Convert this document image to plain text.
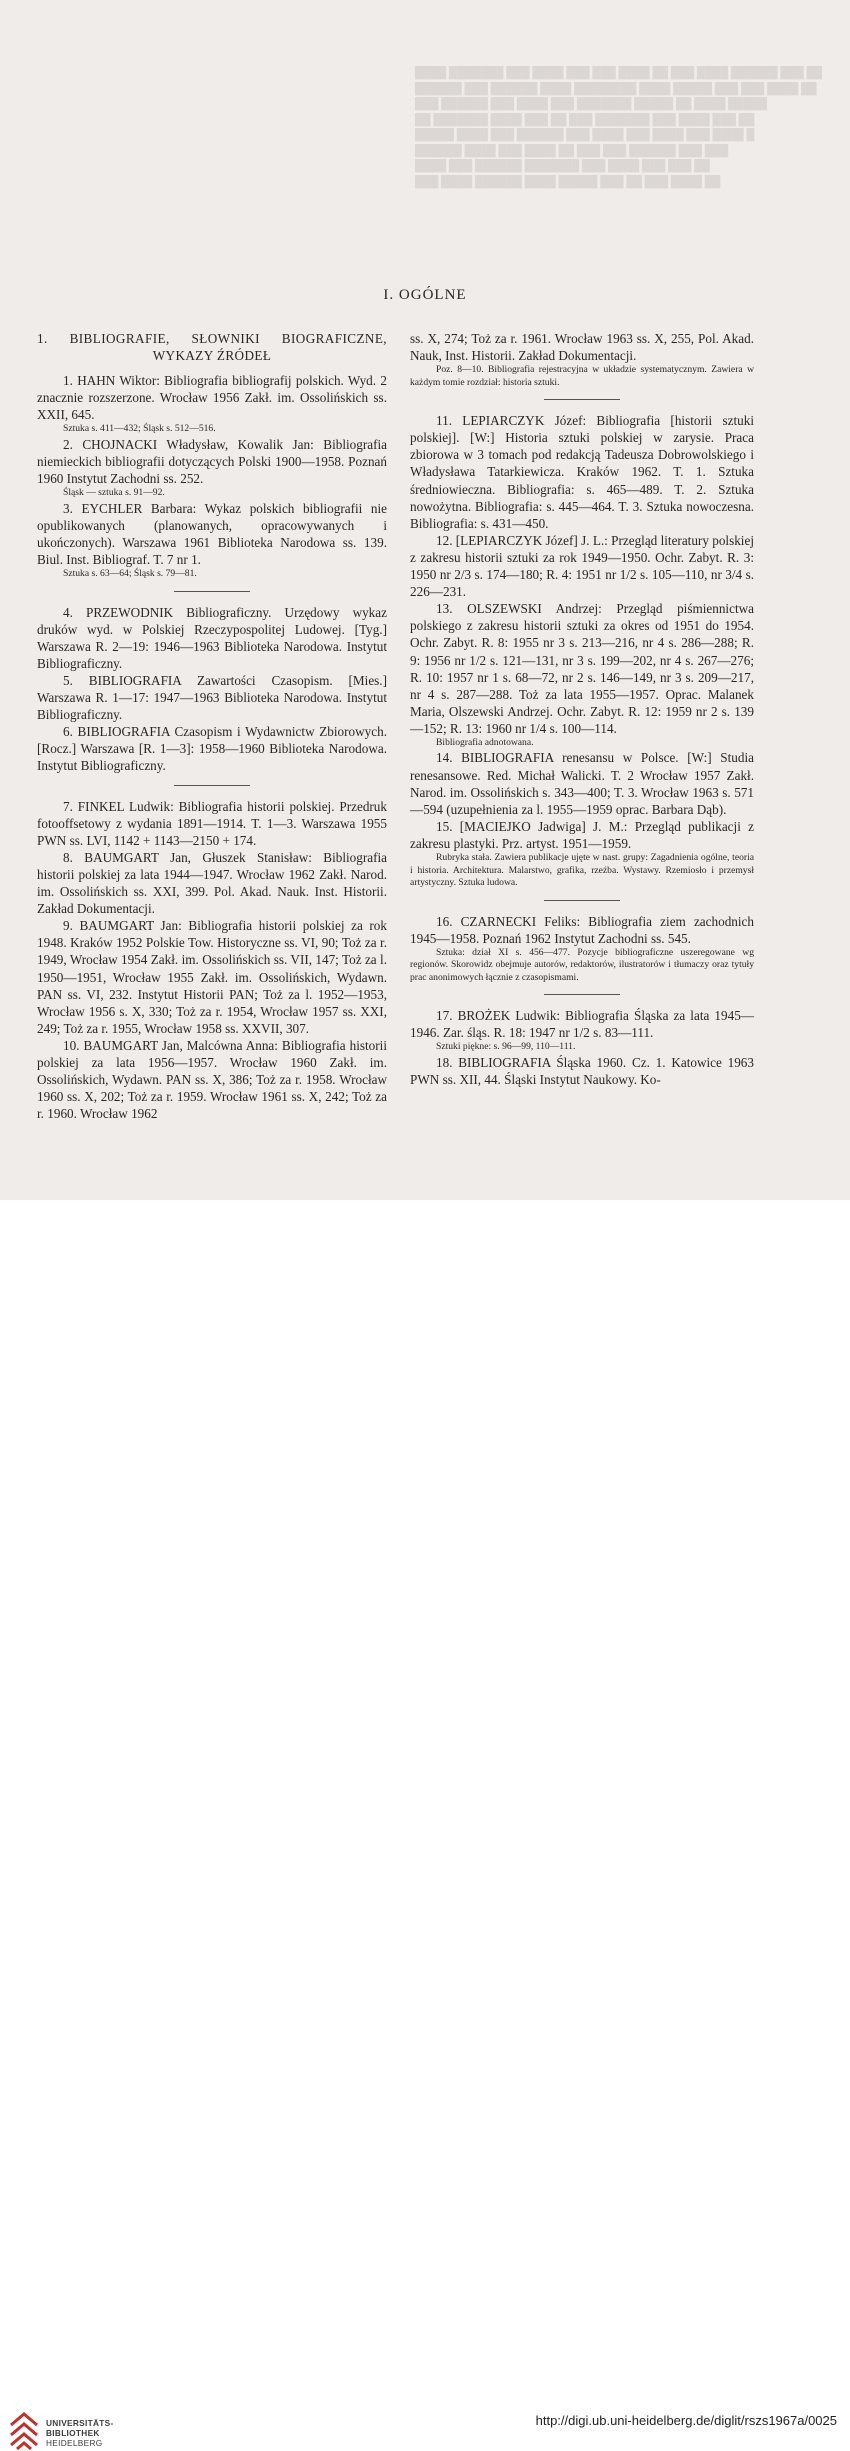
████ ███████ ███ ████ ███ ███ ████ ██ ███ ████ ██████ ███ ██
██████ ███ ██████ ████ ████████ ████ █████ ███ ███ ████ ██
███ ██████ ███ ████ ███ ███████ █████ ██ ████ █████
██ ███████ ████ ███ ██ ███ ███████ ███ ████ ███ ██
█████ ████ ███ ██████ ███ ████ ███ ████ ███ ████ █
██████ ████ ███ ████ ██ ███ ███ ██████ ███ ███
████ ███ ██████ ███████ ███ ████ ███ ███ ██
███ ████ ██████ ████ █████ ███ ██ ███ ████ ██
I. OGÓLNE
1. BIBLIOGRAFIE, SŁOWNIKI BIOGRAFICZNE,
WYKAZY ŹRÓDEŁ

1. HAHN Wiktor: Bibliografia bibliografij polskich. Wyd. 2 znacznie rozszerzone. Wrocław 1956 Zakł. im. Ossolińskich ss. XXII, 645.

Sztuka s. 411—432; Śląsk s. 512—516.

2. CHOJNACKI Władysław, Kowalik Jan: Bibliografia niemieckich bibliografii dotyczących Polski 1900—1958. Poznań 1960 Instytut Zachodni ss. 252.

Śląsk — sztuka s. 91—92.

3. EYCHLER Barbara: Wykaz polskich bibliografii nie opublikowanych (planowanych, opracowywanych i ukończonych). Warszawa 1961 Biblioteka Narodowa ss. 139. Biul. Inst. Bibliograf. T. 7 nr 1.

Sztuka s. 63—64; Śląsk s. 79—81.

4. PRZEWODNIK Bibliograficzny. Urzędowy wykaz druków wyd. w Polskiej Rzeczypospolitej Ludowej. [Tyg.] Warszawa R. 2—19: 1946—1963 Biblioteka Narodowa. Instytut Bibliograficzny.

5. BIBLIOGRAFIA Zawartości Czasopism. [Mies.] Warszawa R. 1—17: 1947—1963 Biblioteka Narodowa. Instytut Bibliograficzny.

6. BIBLIOGRAFIA Czasopism i Wydawnictw Zbiorowych. [Rocz.] Warszawa [R. 1—3]: 1958—1960 Biblioteka Narodowa. Instytut Bibliograficzny.

7. FINKEL Ludwik: Bibliografia historii polskiej. Przedruk fotooffsetowy z wydania 1891—1914. T. 1—3. Warszawa 1955 PWN ss. LVI, 1142 + 1143—2150 + 174.

8. BAUMGART Jan, Głuszek Stanisław: Bibliografia historii polskiej za lata 1944—1947. Wrocław 1962 Zakł. Narod. im. Ossolińskich ss. XXI, 399. Pol. Akad. Nauk. Inst. Historii. Zakład Dokumentacji.

9. BAUMGART Jan: Bibliografia historii polskiej za rok 1948. Kraków 1952 Polskie Tow. Historyczne ss. VI, 90; Toż za r. 1949, Wrocław 1954 Zakł. im. Ossolińskich ss. VII, 147; Toż za l. 1950—1951, Wrocław 1955 Zakł. im. Ossolińskich, Wydawn. PAN ss. VI, 232. Instytut Historii PAN; Toż za l. 1952—1953, Wrocław 1956 s. X, 330; Toż za r. 1954, Wrocław 1957 ss. XXI, 249; Toż za r. 1955, Wrocław 1958 ss. XXVII, 307.

10. BAUMGART Jan, Malcówna Anna: Bibliografia historii polskiej za lata 1956—1957. Wrocław 1960 Zakł. im. Ossolińskich, Wydawn. PAN ss. X, 386; Toż za r. 1958. Wrocław 1960 ss. X, 202; Toż za r. 1959. Wrocław 1961 ss. X, 242; Toż za r. 1960. Wrocław 1962

ss. X, 274; Toż za r. 1961. Wrocław 1963 ss. X, 255, Pol. Akad. Nauk, Inst. Historii. Zakład Dokumentacji.

Poz. 8—10. Bibliografia rejestracyjna w układzie systematycznym. Zawiera w każdym tomie rozdział: historia sztuki.

11. LEPIARCZYK Józef: Bibliografia [historii sztuki polskiej]. [W:] Historia sztuki polskiej w zarysie. Praca zbiorowa w 3 tomach pod redakcją Tadeusza Dobrowolskiego i Władysława Tatarkiewicza. Kraków 1962. T. 1. Sztuka średniowieczna. Bibliografia: s. 465—489. T. 2. Sztuka nowożytna. Bibliografia: s. 445—464. T. 3. Sztuka nowoczesna. Bibliografia: s. 431—450.

12. [LEPIARCZYK Józef] J. L.: Przegląd literatury polskiej z zakresu historii sztuki za rok 1949—1950. Ochr. Zabyt. R. 3: 1950 nr 2/3 s. 174—180; R. 4: 1951 nr 1/2 s. 105—110, nr 3/4 s. 226—231.

13. OLSZEWSKI Andrzej: Przegląd piśmiennictwa polskiego z zakresu historii sztuki za okres od 1951 do 1954. Ochr. Zabyt. R. 8: 1955 nr 3 s. 213—216, nr 4 s. 286—288; R. 9: 1956 nr 1/2 s. 121—131, nr 3 s. 199—202, nr 4 s. 267—276; R. 10: 1957 nr 1 s. 68—72, nr 2 s. 146—149, nr 3 s. 209—217, nr 4 s. 287—288. Toż za lata 1955—1957. Oprac. Malanek Maria, Olszewski Andrzej. Ochr. Zabyt. R. 12: 1959 nr 2 s. 139—152; R. 13: 1960 nr 1/4 s. 100—114.

Bibliografia adnotowana.

14. BIBLIOGRAFIA renesansu w Polsce. [W:] Studia renesansowe. Red. Michał Walicki. T. 2 Wrocław 1957 Zakł. Narod. im. Ossolińskich s. 343—400; T. 3. Wrocław 1963 s. 571—594 (uzupełnienia za l. 1955—1959 oprac. Barbara Dąb).

15. [MACIEJKO Jadwiga] J. M.: Przegląd publikacji z zakresu plastyki. Prz. artyst. 1951—1959.

Rubryka stała. Zawiera publikacje ujęte w nast. grupy: Zagadnienia ogólne, teoria i historia. Architektura. Malarstwo, grafika, rzeźba. Wystawy. Rzemiosło i przemysł artystyczny. Sztuka ludowa.

16. CZARNECKI Feliks: Bibliografia ziem zachodnich 1945—1958. Poznań 1962 Instytut Zachodni ss. 545.

Sztuka: dział XI s. 456—477. Pozycje bibliograficzne uszeregowane wg regionów. Skorowidz obejmuje autorów, redaktorów, ilustratorów i tłumaczy oraz tytuły prac anonimowych łącznie z czasopismami.

17. BROŻEK Ludwik: Bibliografia Śląska za lata 1945—1946. Zar. śląs. R. 18: 1947 nr 1/2 s. 83—111.

Sztuki piękne: s. 96—99, 110—111.

18. BIBLIOGRAFIA Śląska 1960. Cz. 1. Katowice 1963 PWN ss. XII, 44. Śląski Instytut Naukowy. Ko-

UNIVERSITÄTS-
BIBLIOTHEK
HEIDELBERG
http://digi.ub.uni-heidelberg.de/diglit/rszs1967a/0025
